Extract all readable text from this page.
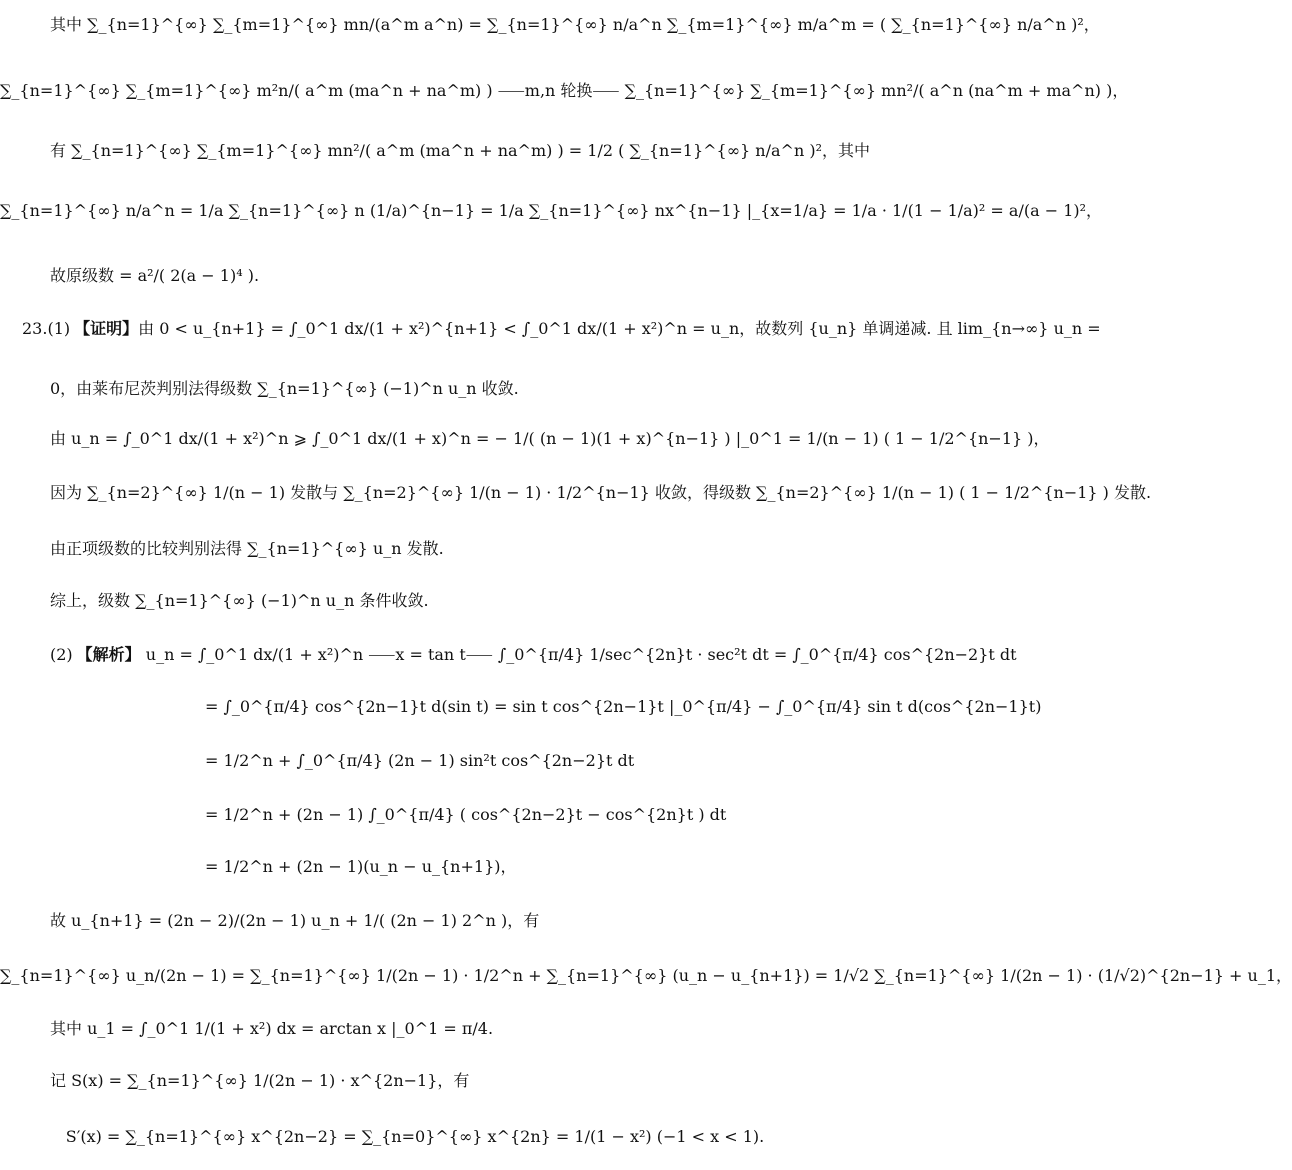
其中 ∑_{n=1}^{∞} ∑_{m=1}^{∞} mn/(a^m a^n) = ∑_{n=1}^{∞} n/a^n ∑_{m=1}^{∞} m/a^m = ( ∑_{n=1}^{∞} n/a^n )²，
∑_{n=1}^{∞} ∑_{m=1}^{∞} m²n/( a^m (ma^n + na^m) ) ⸺m,n 轮换⸺ ∑_{n=1}^{∞} ∑_{m=1}^{∞} mn²/( a^n (na^m + ma^n) )，
有 ∑_{n=1}^{∞} ∑_{m=1}^{∞} mn²/( a^m (ma^n + na^m) ) = 1/2 ( ∑_{n=1}^{∞} n/a^n )²，其中
∑_{n=1}^{∞} n/a^n = 1/a ∑_{n=1}^{∞} n (1/a)^{n−1} = 1/a ∑_{n=1}^{∞} nx^{n−1} |_{x=1/a} = 1/a · 1/(1 − 1/a)² = a/(a − 1)²，
故原级数 = a²/( 2(a − 1)⁴ ).
23.(1) 【证明】由 0 < u_{n+1} = ∫_0^1 dx/(1 + x²)^{n+1} < ∫_0^1 dx/(1 + x²)^n = u_n，故数列 {u_n} 单调递减. 且 lim_{n→∞} u_n =
0，由莱布尼茨判别法得级数 ∑_{n=1}^{∞} (−1)^n u_n 收敛.
由 u_n = ∫_0^1 dx/(1 + x²)^n ⩾ ∫_0^1 dx/(1 + x)^n = − 1/( (n − 1)(1 + x)^{n−1} ) |_0^1 = 1/(n − 1) ( 1 − 1/2^{n−1} )，
因为 ∑_{n=2}^{∞} 1/(n − 1) 发散与 ∑_{n=2}^{∞} 1/(n − 1) · 1/2^{n−1} 收敛，得级数 ∑_{n=2}^{∞} 1/(n − 1) ( 1 − 1/2^{n−1} ) 发散.
由正项级数的比较判别法得 ∑_{n=1}^{∞} u_n 发散.
综上，级数 ∑_{n=1}^{∞} (−1)^n u_n 条件收敛.
(2) 【解析】 u_n = ∫_0^1 dx/(1 + x²)^n ⸺x = tan t⸺ ∫_0^{π/4} 1/sec^{2n}t · sec²t dt = ∫_0^{π/4} cos^{2n−2}t dt
= ∫_0^{π/4} cos^{2n−1}t d(sin t) = sin t cos^{2n−1}t |_0^{π/4} − ∫_0^{π/4} sin t d(cos^{2n−1}t)
= 1/2^n + ∫_0^{π/4} (2n − 1) sin²t cos^{2n−2}t dt
= 1/2^n + (2n − 1) ∫_0^{π/4} ( cos^{2n−2}t − cos^{2n}t ) dt
= 1/2^n + (2n − 1)(u_n − u_{n+1})，
故 u_{n+1} = (2n − 2)/(2n − 1) u_n + 1/( (2n − 1) 2^n )，有
∑_{n=1}^{∞} u_n/(2n − 1) = ∑_{n=1}^{∞} 1/(2n − 1) · 1/2^n + ∑_{n=1}^{∞} (u_n − u_{n+1}) = 1/√2 ∑_{n=1}^{∞} 1/(2n − 1) · (1/√2)^{2n−1} + u_1，
其中 u_1 = ∫_0^1 1/(1 + x²) dx = arctan x |_0^1 = π/4.
记 S(x) = ∑_{n=1}^{∞} 1/(2n − 1) · x^{2n−1}，有
S′(x) = ∑_{n=1}^{∞} x^{2n−2} = ∑_{n=0}^{∞} x^{2n} = 1/(1 − x²) (−1 < x < 1).
